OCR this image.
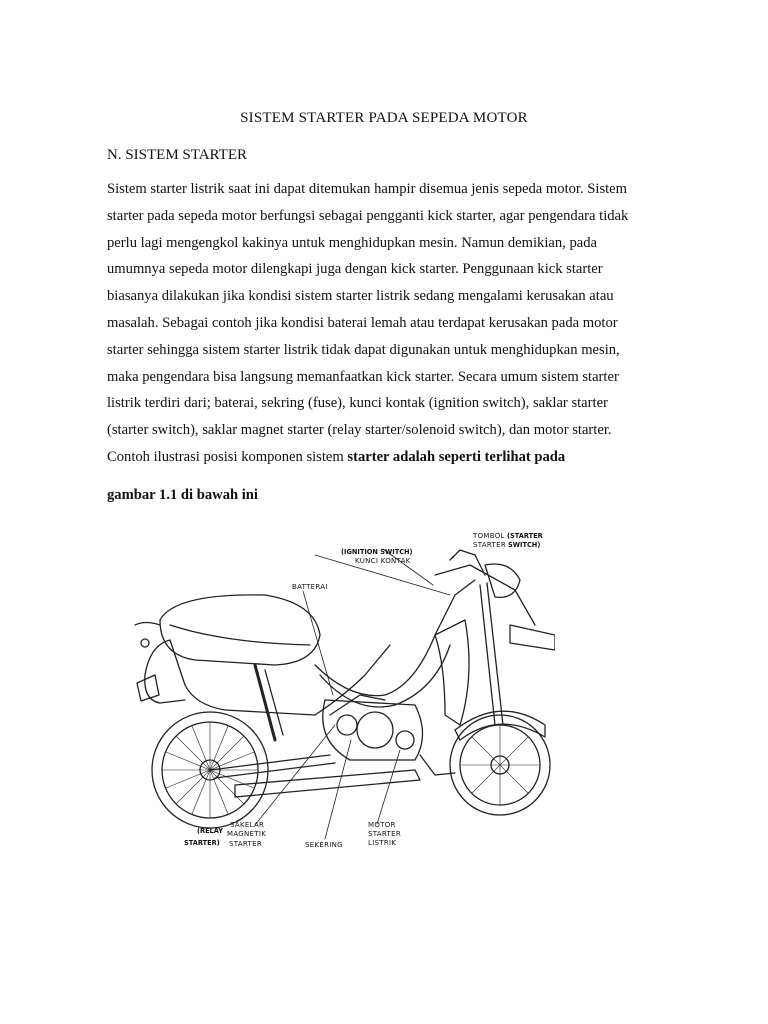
SISTEM STARTER PADA SEPEDA MOTOR
N. SISTEM STARTER
Sistem starter listrik saat ini dapat ditemukan hampir disemua jenis sepeda motor. Sistem
starter pada sepeda motor berfungsi sebagai pengganti kick starter, agar pengendara tidak
perlu lagi mengengkol kakinya untuk menghidupkan mesin. Namun demikian, pada
umumnya sepeda motor dilengkapi juga dengan kick starter. Penggunaan kick starter
biasanya dilakukan jika kondisi sistem starter listrik sedang mengalami kerusakan atau
masalah. Sebagai contoh jika kondisi baterai lemah atau terdapat kerusakan pada motor
starter sehingga sistem starter listrik tidak dapat digunakan untuk menghidupkan mesin,
maka pengendara bisa langsung memanfaatkan kick starter. Secara umum sistem starter
listrik terdiri dari; baterai, sekring (fuse), kunci kontak (ignition switch), saklar starter
(starter switch), saklar magnet starter (relay starter/solenoid switch), dan motor starter.
Contoh ilustrasi posisi komponen sistem starter adalah seperti terlihat pada
gambar 1.1 di bawah ini
TOMBOL (STARTER
STARTER SWITCH)
(IGNITION SWITCH)
KUNCI KONTAK
BATTERAI
(RELAY
STARTER)
SAKELAR
MAGNETIK
STARTER	SEKERING
MOTOR
STARTER
LISTRIK
